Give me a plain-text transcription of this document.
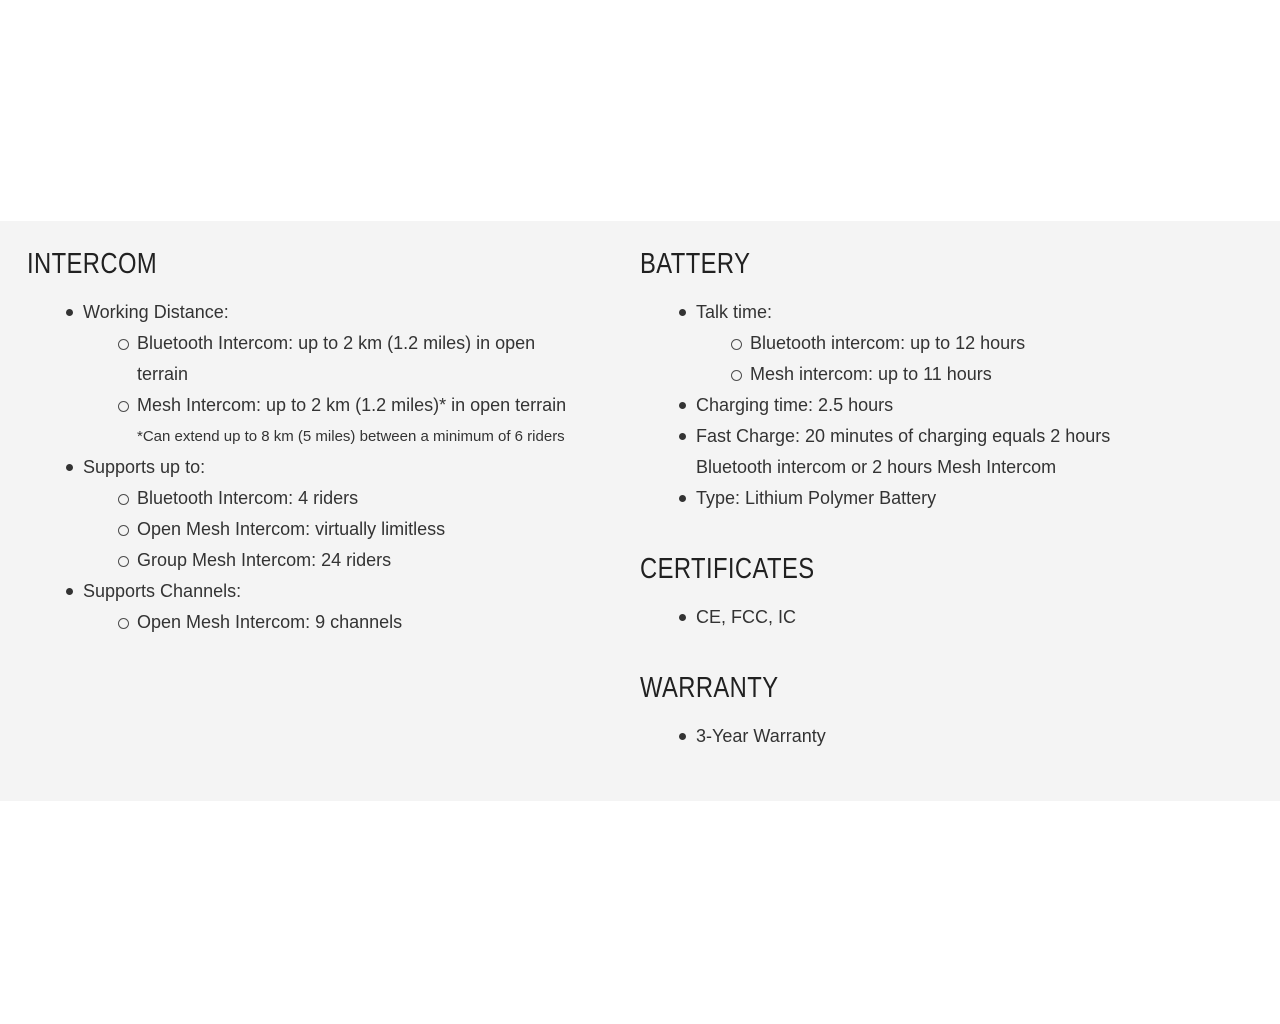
INTERCOM
Working Distance:
Bluetooth Intercom: up to 2 km (1.2 miles) in open terrain
Mesh Intercom: up to 2 km (1.2 miles)* in open terrain
*Can extend up to 8 km (5 miles) between a minimum of 6 riders
Supports up to:
Bluetooth Intercom: 4 riders
Open Mesh Intercom: virtually limitless
Group Mesh Intercom: 24 riders
Supports Channels:
Open Mesh Intercom: 9 channels
BATTERY
Talk time:
Bluetooth intercom: up to 12 hours
Mesh intercom: up to 11 hours
Charging time: 2.5 hours
Fast Charge: 20 minutes of charging equals 2 hours Bluetooth intercom or 2 hours Mesh Intercom
Type: Lithium Polymer Battery
CERTIFICATES
CE, FCC, IC
WARRANTY
3-Year Warranty
